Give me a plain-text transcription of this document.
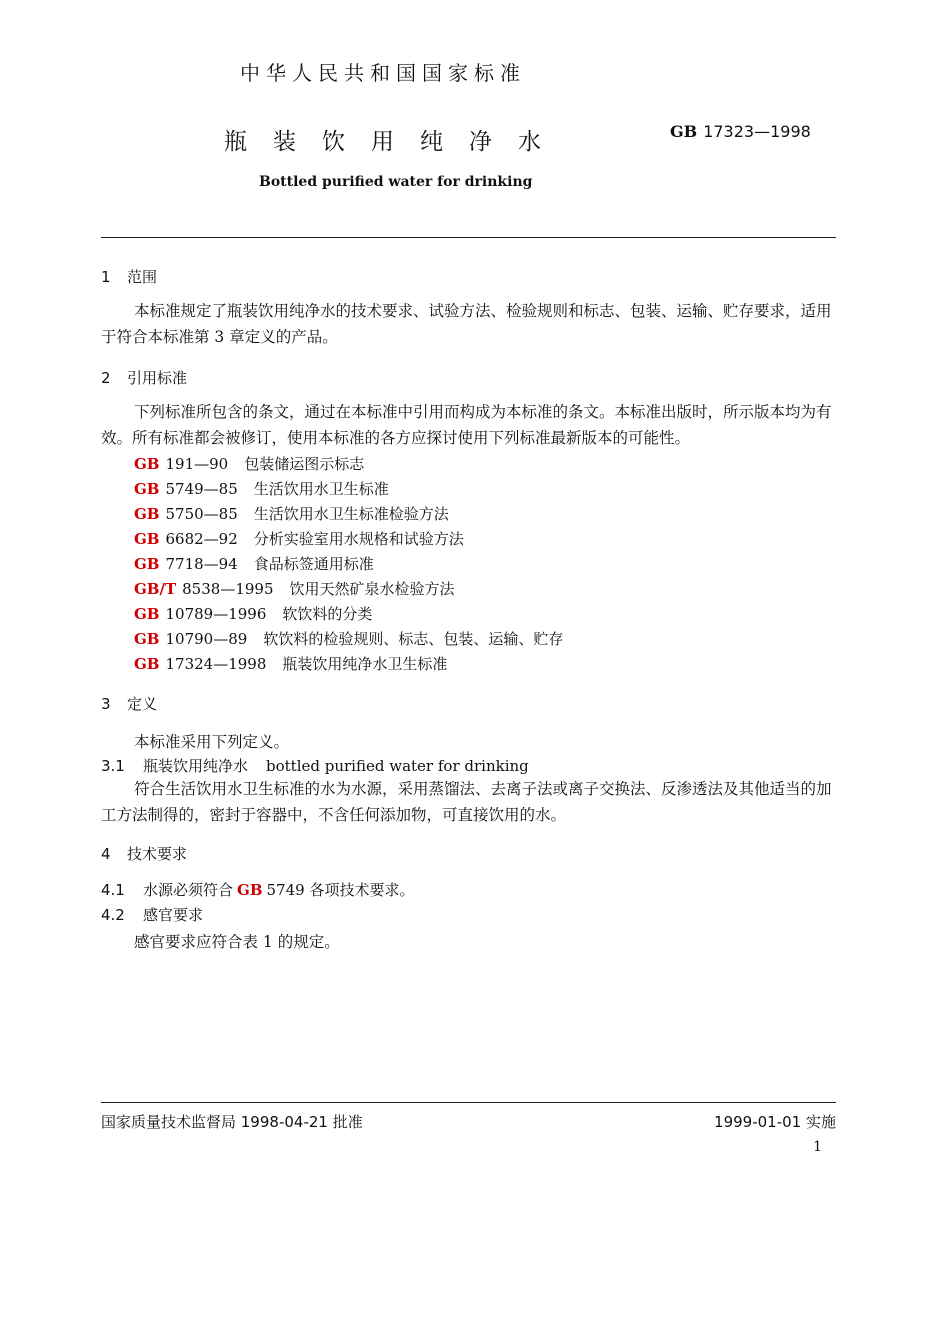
中华人民共和国国家标准
瓶装饮用纯净水	GB 17323—1998
Bottled purified water for drinking
1 范围

本标准规定了瓶装饮用纯净水的技术要求、试验方法、检验规则和标志、包装、运输、贮存要求，适用于符合本标准第 3 章定义的产品。

2 引用标准

下列标准所包含的条文，通过在本标准中引用而构成为本标准的条文。本标准出版时，所示版本均为有效。所有标准都会被修订，使用本标准的各方应探讨使用下列标准最新版本的可能性。

GB 191—90 包装储运图示标志
GB 5749—85 生活饮用水卫生标准
GB 5750—85 生活饮用水卫生标准检验方法
GB 6682—92 分析实验室用水规格和试验方法
GB 7718—94 食品标签通用标准
GB/T 8538—1995 饮用天然矿泉水检验方法
GB 10789—1996 软饮料的分类
GB 10790—89 软饮料的检验规则、标志、包装、运输、贮存
GB 17324—1998 瓶装饮用纯净水卫生标准
3 定义
本标准采用下列定义。
3.1 瓶装饮用纯净水 bottled purified water for drinking

符合生活饮用水卫生标准的水为水源，采用蒸馏法、去离子法或离子交换法、反渗透法及其他适当的加工方法制得的，密封于容器中，不含任何添加物，可直接饮用的水。

4 技术要求
4.1 水源必须符合 GB 5749 各项技术要求。
4.2 感官要求
感官要求应符合表 1 的规定。
国家质量技术监督局 1998-04-21 批准	1999-01-01 实施
1
